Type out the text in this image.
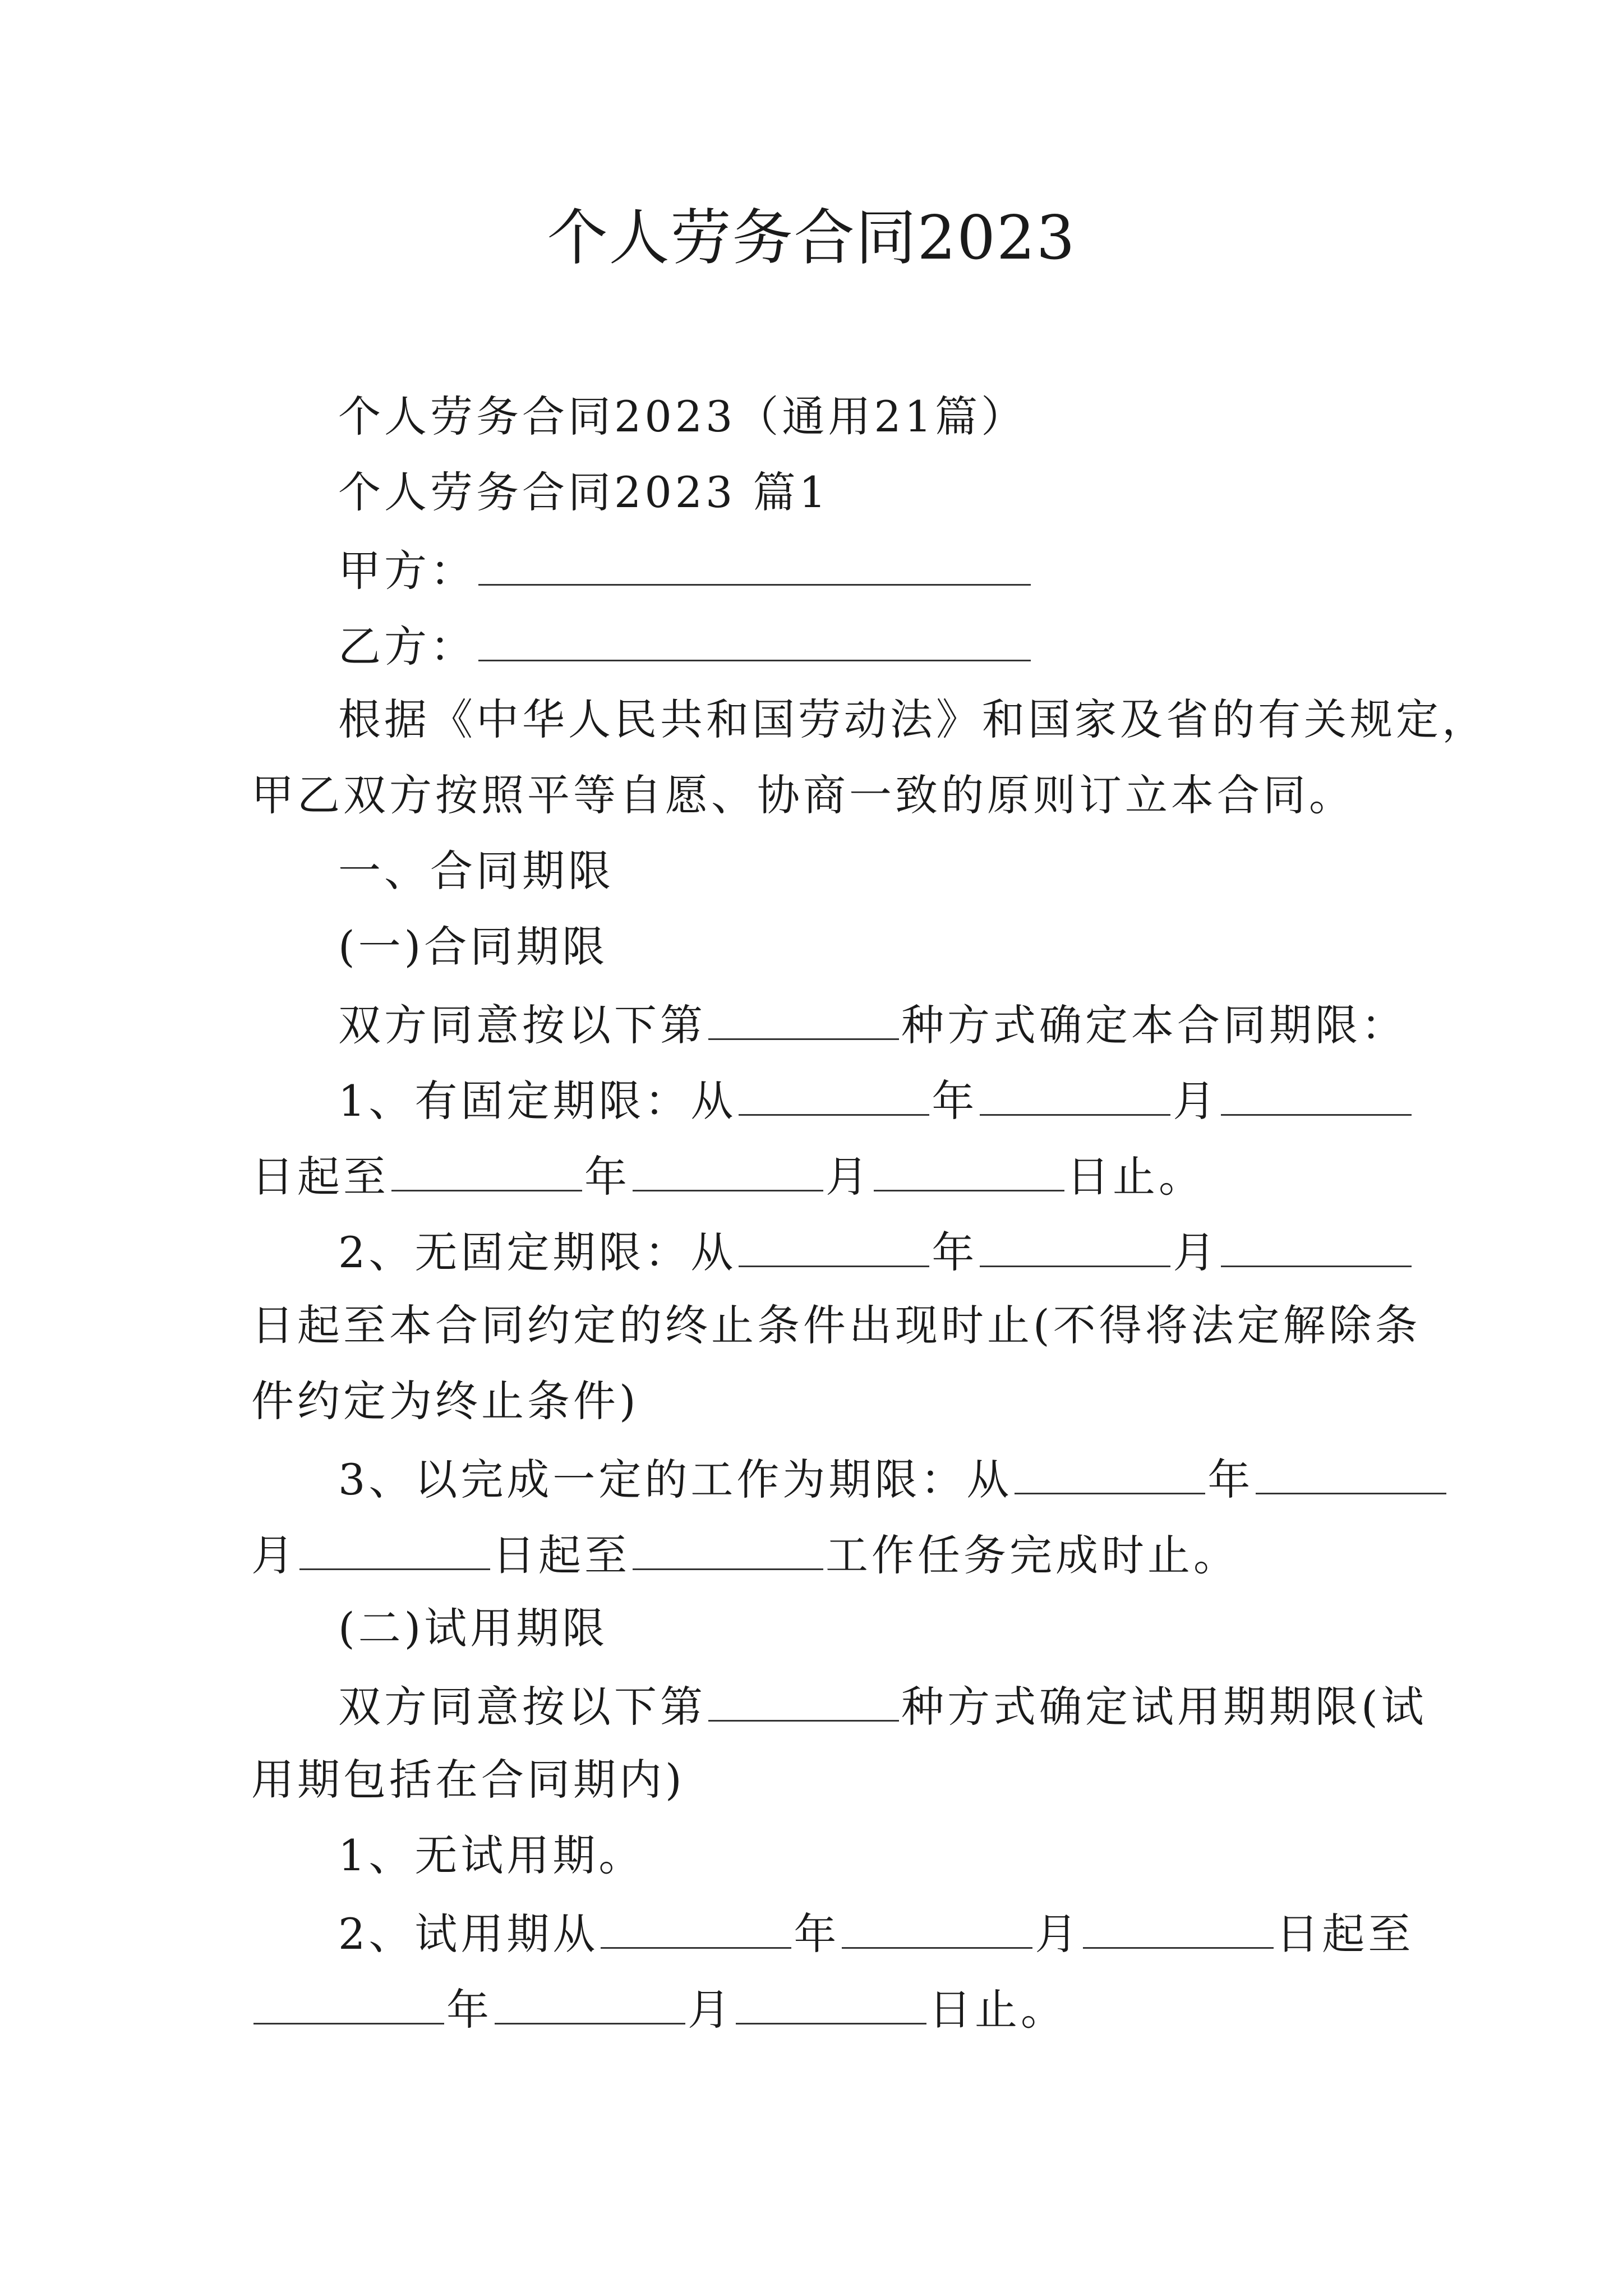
个人劳务合同2023
个人劳务合同2023（通用21篇）
个人劳务合同2023 篇1
甲方：
乙方：
根据《中华人民共和国劳动法》和国家及省的有关规定，
甲乙双方按照平等自愿、协商一致的原则订立本合同。
一、合同期限
(一)合同期限
双方同意按以下第	种方式确定本合同期限：
1、有固定期限：从	年	月
日起至	年	月	日止。
2、无固定期限：从	年	月
日起至本合同约定的终止条件出现时止(不得将法定解除条
件约定为终止条件)
3、以完成一定的工作为期限：从	年
月	日起至	工作任务完成时止。
(二)试用期限
双方同意按以下第	种方式确定试用期期限(试
用期包括在合同期内)
1、无试用期。
2、试用期从	年	月	日起至
年	月	日止。
